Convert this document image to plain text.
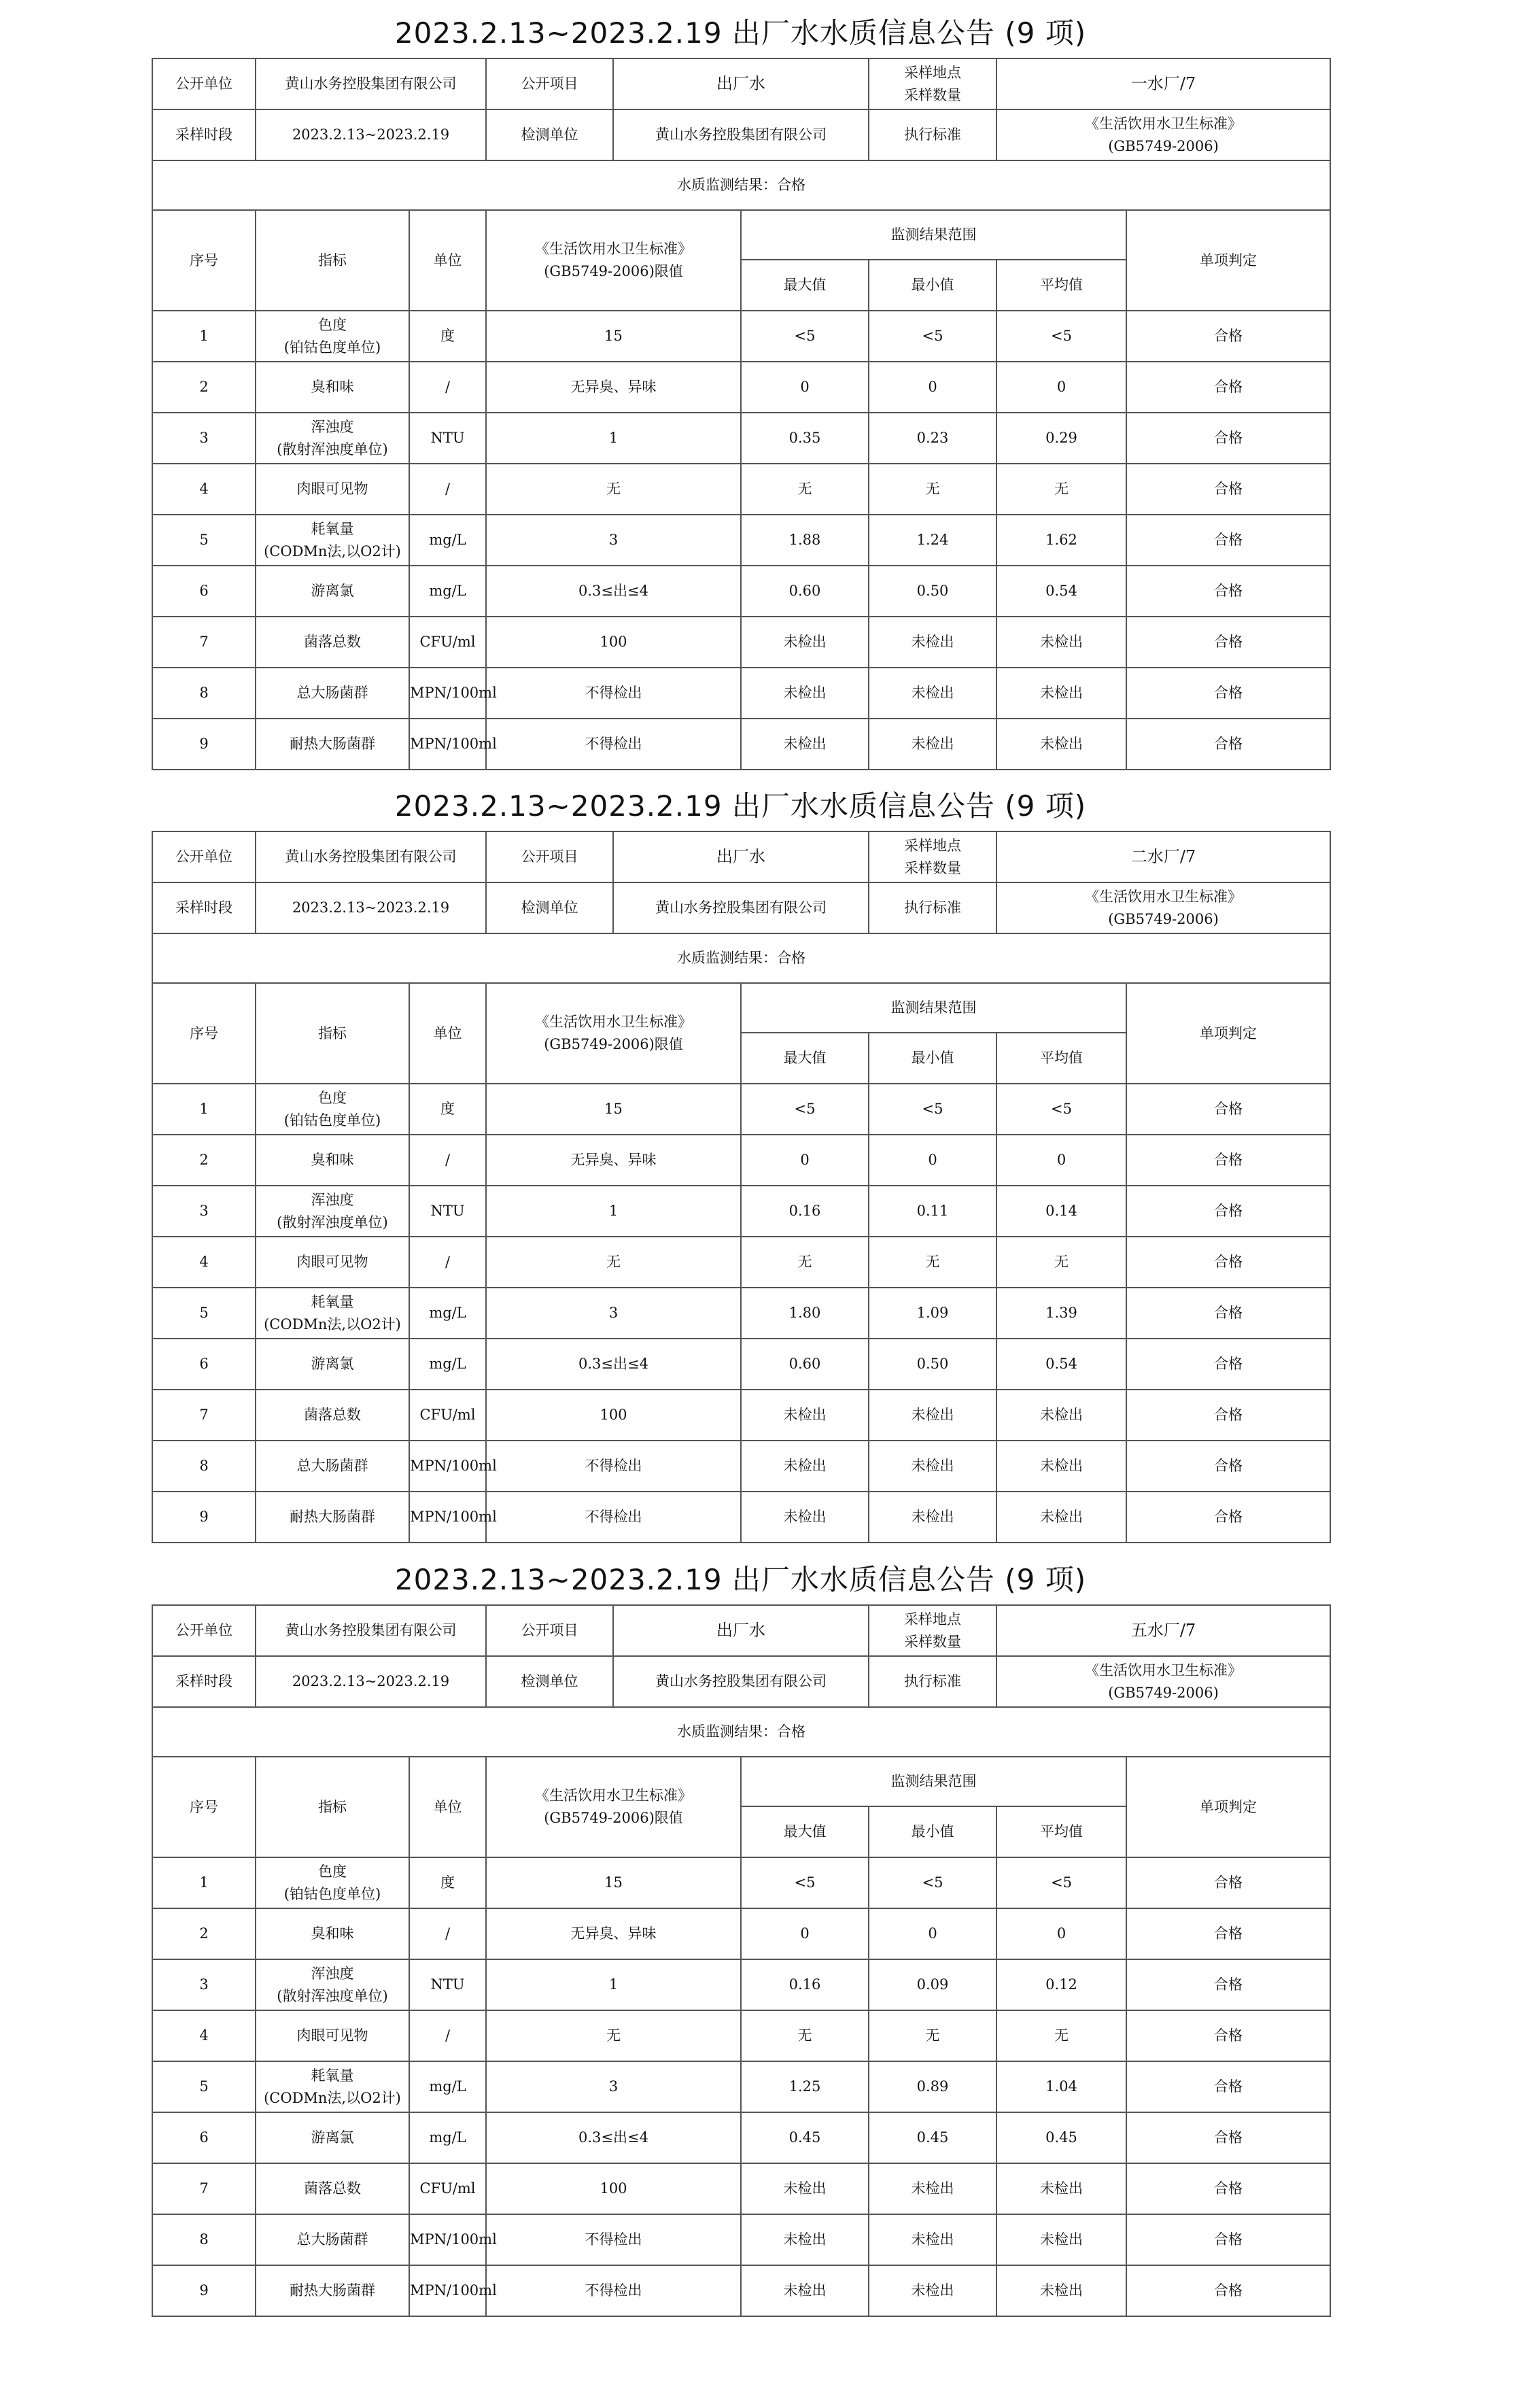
2023.2.13~2023.2.19 出厂水水质信息公告 (9 项)
公开单位	黄山水务控股集团有限公司		公开项目	出厂水		采样地点
采样数量	一水厂/7	
采样时段	2023.2.13~2023.2.19		检测单位	黄山水务控股集团有限公司		执行标准	《生活饮用水卫生标准》
(GB5749-2006)	

水质监测结果：合格								
序号	指标	单位	《生活饮用水卫生标准》
(GB5749-2006)限值		监测结果范围			单项判定
					最大值	最小值	平均值	
1	色度
(铂钴色度单位)	度	15		<5	<5	<5	合格
2	臭和味	/	无异臭、异味		0	0	0	合格
3	浑浊度
(散射浑浊度单位)	NTU	1		0.35	0.23	0.29	合格
4	肉眼可见物	/	无		无	无	无	合格
5	耗氧量
(CODMn法,以O2计)	mg/L	3		1.88	1.24	1.62	合格
6	游离氯	mg/L	0.3≤出≤4		0.60	0.50	0.54	合格
7	菌落总数	CFU/ml	100		未检出	未检出	未检出	合格
8	总大肠菌群	MPN/100ml	不得检出		未检出	未检出	未检出	合格
9	耐热大肠菌群	MPN/100ml	不得检出		未检出	未检出	未检出	合格
2023.2.13~2023.2.19 出厂水水质信息公告 (9 项)
公开单位	黄山水务控股集团有限公司		公开项目	出厂水		采样地点
采样数量	二水厂/7	
采样时段	2023.2.13~2023.2.19		检测单位	黄山水务控股集团有限公司		执行标准	《生活饮用水卫生标准》
(GB5749-2006)	

水质监测结果：合格								
序号	指标	单位	《生活饮用水卫生标准》
(GB5749-2006)限值		监测结果范围			单项判定
					最大值	最小值	平均值	
1	色度
(铂钴色度单位)	度	15		<5	<5	<5	合格
2	臭和味	/	无异臭、异味		0	0	0	合格
3	浑浊度
(散射浑浊度单位)	NTU	1		0.16	0.11	0.14	合格
4	肉眼可见物	/	无		无	无	无	合格
5	耗氧量
(CODMn法,以O2计)	mg/L	3		1.80	1.09	1.39	合格
6	游离氯	mg/L	0.3≤出≤4		0.60	0.50	0.54	合格
7	菌落总数	CFU/ml	100		未检出	未检出	未检出	合格
8	总大肠菌群	MPN/100ml	不得检出		未检出	未检出	未检出	合格
9	耐热大肠菌群	MPN/100ml	不得检出		未检出	未检出	未检出	合格
2023.2.13~2023.2.19 出厂水水质信息公告 (9 项)
公开单位	黄山水务控股集团有限公司		公开项目	出厂水		采样地点
采样数量	五水厂/7	
采样时段	2023.2.13~2023.2.19		检测单位	黄山水务控股集团有限公司		执行标准	《生活饮用水卫生标准》
(GB5749-2006)	

水质监测结果：合格								
序号	指标	单位	《生活饮用水卫生标准》
(GB5749-2006)限值		监测结果范围			单项判定
					最大值	最小值	平均值	
1	色度
(铂钴色度单位)	度	15		<5	<5	<5	合格
2	臭和味	/	无异臭、异味		0	0	0	合格
3	浑浊度
(散射浑浊度单位)	NTU	1		0.16	0.09	0.12	合格
4	肉眼可见物	/	无		无	无	无	合格
5	耗氧量
(CODMn法,以O2计)	mg/L	3		1.25	0.89	1.04	合格
6	游离氯	mg/L	0.3≤出≤4		0.45	0.45	0.45	合格
7	菌落总数	CFU/ml	100		未检出	未检出	未检出	合格
8	总大肠菌群	MPN/100ml	不得检出		未检出	未检出	未检出	合格
9	耐热大肠菌群	MPN/100ml	不得检出		未检出	未检出	未检出	合格
